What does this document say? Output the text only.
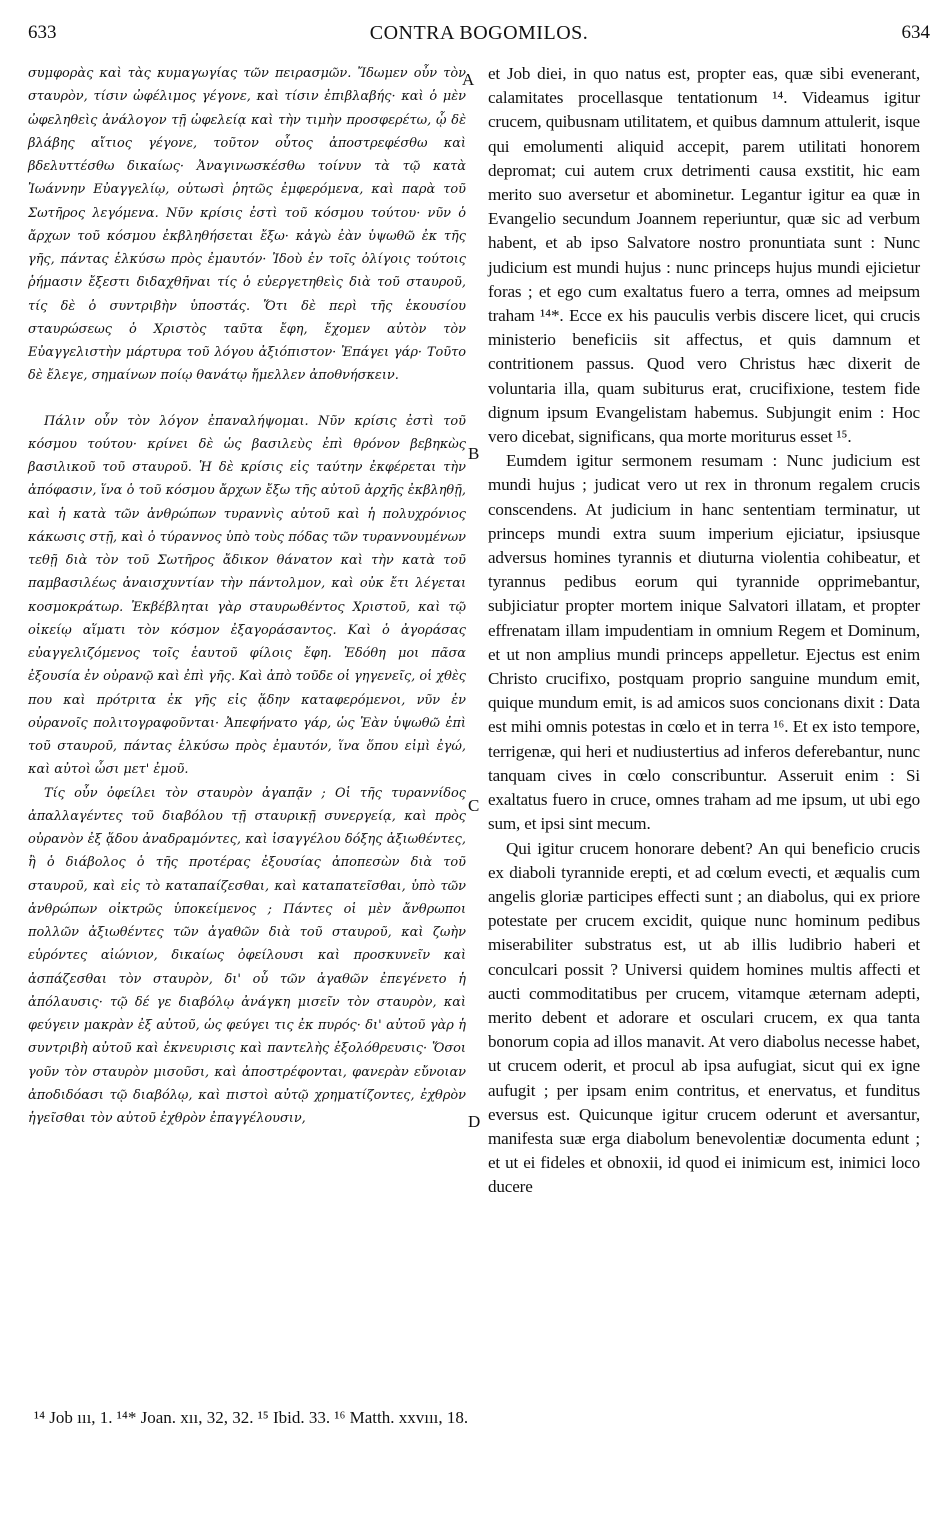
633	CONTRA BOGOMILOS.	634

συμφορὰς καὶ τὰς κυμαγωγίας τῶν πειρασμῶν. Ἴδωμεν οὖν τὸν σταυρὸν, τίσιν ὠφέλιμος γέγονε, καὶ τίσιν ἐπιβλαβής· καὶ ὁ μὲν ὠφεληθεὶς ἀνάλογον τῇ ὠφελείᾳ καὶ τὴν τιμὴν προσφερέτω, ᾧ δὲ βλάβης αἴτιος γέγονε, τοῦτον οὗτος ἀποστρεφέσθω καὶ βδελυττέσθω δικαίως· Ἀναγινωσκέσθω τοίνυν τὰ τῷ κατὰ Ἰωάννην Εὐαγγελίῳ, οὑτωσὶ ῥητῶς ἐμφερόμενα, καὶ παρὰ τοῦ Σωτῆρος λεγόμενα. Νῦν κρίσις ἐστὶ τοῦ κόσμου τούτου· νῦν ὁ ἄρχων τοῦ κόσμου ἐκβληθήσεται ἔξω· κἀγὼ ἐὰν ὑψωθῶ ἐκ τῆς γῆς, πάντας ἑλκύσω πρὸς ἐμαυτόν· Ἰδοὺ ἐν τοῖς ὀλίγοις τούτοις ῥήμασιν ἔξεστι διδαχθῆναι τίς ὁ εὐεργετηθεὶς διὰ τοῦ σταυροῦ, τίς δὲ ὁ συντριβὴν ὑποστάς. Ὅτι δὲ περὶ τῆς ἑκουσίου σταυρώσεως ὁ Χριστὸς ταῦτα ἔφη, ἔχομεν αὐτὸν τὸν Εὐαγγελιστὴν μάρτυρα τοῦ λόγου ἀξιόπιστον· Ἐπάγει γάρ· Τοῦτο δὲ ἔλεγε, σημαίνων ποίῳ θανάτῳ ἤμελλεν ἀποθνήσκειν.

Πάλιν οὖν τὸν λόγον ἐπαναλήψομαι. Νῦν κρίσις ἐστὶ τοῦ κόσμου τούτου· κρίνει δὲ ὡς βασιλεὺς ἐπὶ θρόνον βεβηκὼς βασιλικοῦ τοῦ σταυροῦ. Ἡ δὲ κρίσις εἰς ταύτην ἐκφέρεται τὴν ἀπόφασιν, ἵνα ὁ τοῦ κόσμου ἄρχων ἔξω τῆς αὐτοῦ ἀρχῆς ἐκβληθῇ, καὶ ἡ κατὰ τῶν ἀνθρώπων τυραννὶς αὐτοῦ καὶ ἡ πολυχρόνιος κάκωσις στῇ, καὶ ὁ τύραννος ὑπὸ τοὺς πόδας τῶν τυραννουμένων τεθῇ διὰ τὸν τοῦ Σωτῆρος ἄδικον θάνατον καὶ τὴν κατὰ τοῦ παμβασιλέως ἀναισχυντίαν τὴν πάντολμον, καὶ οὐκ ἔτι λέγεται κοσμοκράτωρ. Ἐκβέβληται γὰρ σταυρωθέντος Χριστοῦ, καὶ τῷ οἰκείῳ αἵματι τὸν κόσμον ἐξαγοράσαντος. Καὶ ὁ ἀγοράσας εὐαγγελιζόμενος τοῖς ἑαυτοῦ φίλοις ἔφη. Ἐδόθη μοι πᾶσα ἐξουσία ἐν οὐρανῷ καὶ ἐπὶ γῆς. Καὶ ἀπὸ τοῦδε οἱ γηγενεῖς, οἱ χθὲς που καὶ πρότριτα ἐκ γῆς εἰς ᾅδην καταφερόμενοι, νῦν ἐν οὐρανοῖς πολιτογραφοῦνται· Ἀπεφήνατο γάρ, ὡς Ἐὰν ὑψωθῶ ἐπὶ τοῦ σταυροῦ, πάντας ἑλκύσω πρὸς ἐμαυτόν, ἵνα ὅπου εἰμὶ ἐγώ, καὶ αὐτοὶ ὦσι μετ' ἐμοῦ.

Τίς οὖν ὀφείλει τὸν σταυρὸν ἀγαπᾷν ; Οἱ τῆς τυραννίδος ἀπαλλαγέντες τοῦ διαβόλου τῇ σταυρικῇ συνεργείᾳ, καὶ πρὸς οὐρανὸν ἐξ ᾅδου ἀναδραμόντες, καὶ ἰσαγγέλου δόξης ἀξιωθέντες, ἢ ὁ διάβολος ὁ τῆς προτέρας ἐξουσίας ἀποπεσὼν διὰ τοῦ σταυροῦ, καὶ εἰς τὸ καταπαίζεσθαι, καὶ καταπατεῖσθαι, ὑπὸ τῶν ἀνθρώπων οἰκτρῶς ὑποκείμενος ; Πάντες οἱ μὲν ἄνθρωποι πολλῶν ἀξιωθέντες τῶν ἀγαθῶν διὰ τοῦ σταυροῦ, καὶ ζωὴν εὑρόντες αἰώνιον, δικαίως ὀφείλουσι καὶ προσκυνεῖν καὶ ἀσπάζεσθαι τὸν σταυρὸν, δι' οὗ τῶν ἀγαθῶν ἐπεγένετο ἡ ἀπόλαυσις· τῷ δέ γε διαβόλῳ ἀνάγκη μισεῖν τὸν σταυρὸν, καὶ φεύγειν μακρὰν ἐξ αὐτοῦ, ὡς φεύγει τις ἐκ πυρός· δι' αὐτοῦ γὰρ ἡ συντριβὴ αὐτοῦ καὶ ἐκνευρισις καὶ παντελὴς ἐξολόθρευσις· Ὅσοι γοῦν τὸν σταυρὸν μισοῦσι, καὶ ἀποστρέφονται, φανερὰν εὔνοιαν ἀποδιδόασι τῷ διαβόλῳ, καὶ πιστοὶ αὐτῷ χρηματίζοντες, ἐχθρὸν ἡγεῖσθαι τὸν αὐτοῦ ἐχθρὸν ἐπαγγέλουσιν,

A
B
C
D

et Job diei, in quo natus est, propter eas, quæ sibi evenerant, calamitates procellasque tentationum ¹⁴. Videamus igitur crucem, quibusnam utilitatem, et quibus damnum attulerit, isque qui emolumenti aliquid accepit, parem utilitati honorem depromat; cui autem crux detrimenti causa exstitit, hic eam merito suo aversetur et abominetur. Legantur igitur ea quæ in Evangelio secundum Joannem reperiuntur, quæ sic ad verbum habent, et ab ipso Salvatore nostro pronuntiata sunt : Nunc judicium est mundi hujus : nunc princeps hujus mundi ejicietur foras ; et ego cum exaltatus fuero a terra, omnes ad meipsum traham ¹⁴*. Ecce ex his pauculis verbis discere licet, qui crucis ministerio beneficiis sit affectus, et quis damnum et contritionem passus. Quod vero Christus hæc dixerit de voluntaria illa, quam subiturus erat, crucifixione, testem fide dignum ipsum Evangelistam habemus. Subjungit enim : Hoc vero dicebat, significans, qua morte moriturus esset ¹⁵.

Eumdem igitur sermonem resumam : Nunc judicium est mundi hujus ; judicat vero ut rex in thronum regalem crucis conscendens. At judicium in hanc sententiam terminatur, ut princeps mundi extra suum imperium ejiciatur, ipsiusque adversus homines tyrannis et diuturna violentia cohibeatur, et tyrannus pedibus eorum qui tyrannide opprimebantur, subjiciatur propter mortem inique Salvatori illatam, et propter effrenatam illam impudentiam in omnium Regem et Dominum, et ut non amplius mundi princeps appelletur. Ejectus est enim Christo crucifixo, postquam proprio sanguine mundum emit, quique mundum emit, is ad amicos suos concionans dixit : Data est mihi omnis potestas in cœlo et in terra ¹⁶. Et ex isto tempore, terrigenæ, qui heri et nudiustertius ad inferos deferebantur, nunc tanquam cives in cœlo conscribuntur. Asseruit enim : Si exaltatus fuero in cruce, omnes traham ad me ipsum, ut ubi ego sum, et ipsi sint mecum.

Qui igitur crucem honorare debent? An qui beneficio crucis ex diaboli tyrannide erepti, et ad cœlum evecti, et æqualis cum angelis gloriæ participes effecti sunt ; an diabolus, qui ex priore potestate per crucem excidit, quique nunc hominum pedibus miserabiliter substratus est, ut ab illis ludibrio haberi et conculcari possit ? Universi quidem homines multis affecti et aucti commoditatibus per crucem, vitamque æternam adepti, merito debent et adorare et osculari crucem, ex qua tanta bonorum copia ad illos manavit. At vero diabolus necesse habet, ut crucem oderit, et procul ab ipsa aufugiat, sicut qui ex igne aufugit ; per ipsam enim contritus, et enervatus, et funditus eversus est. Quicunque igitur crucem oderunt et aversantur, manifesta suæ erga diabolum benevolentiæ documenta edunt ; et ut ei fideles et obnoxii, id quod ei inimicum est, inimici loco ducere

¹⁴ Job ııı, 1. ¹⁴* Joan. xıı, 32, 32. ¹⁵ Ibid. 33. ¹⁶ Matth. xxvııı, 18.
